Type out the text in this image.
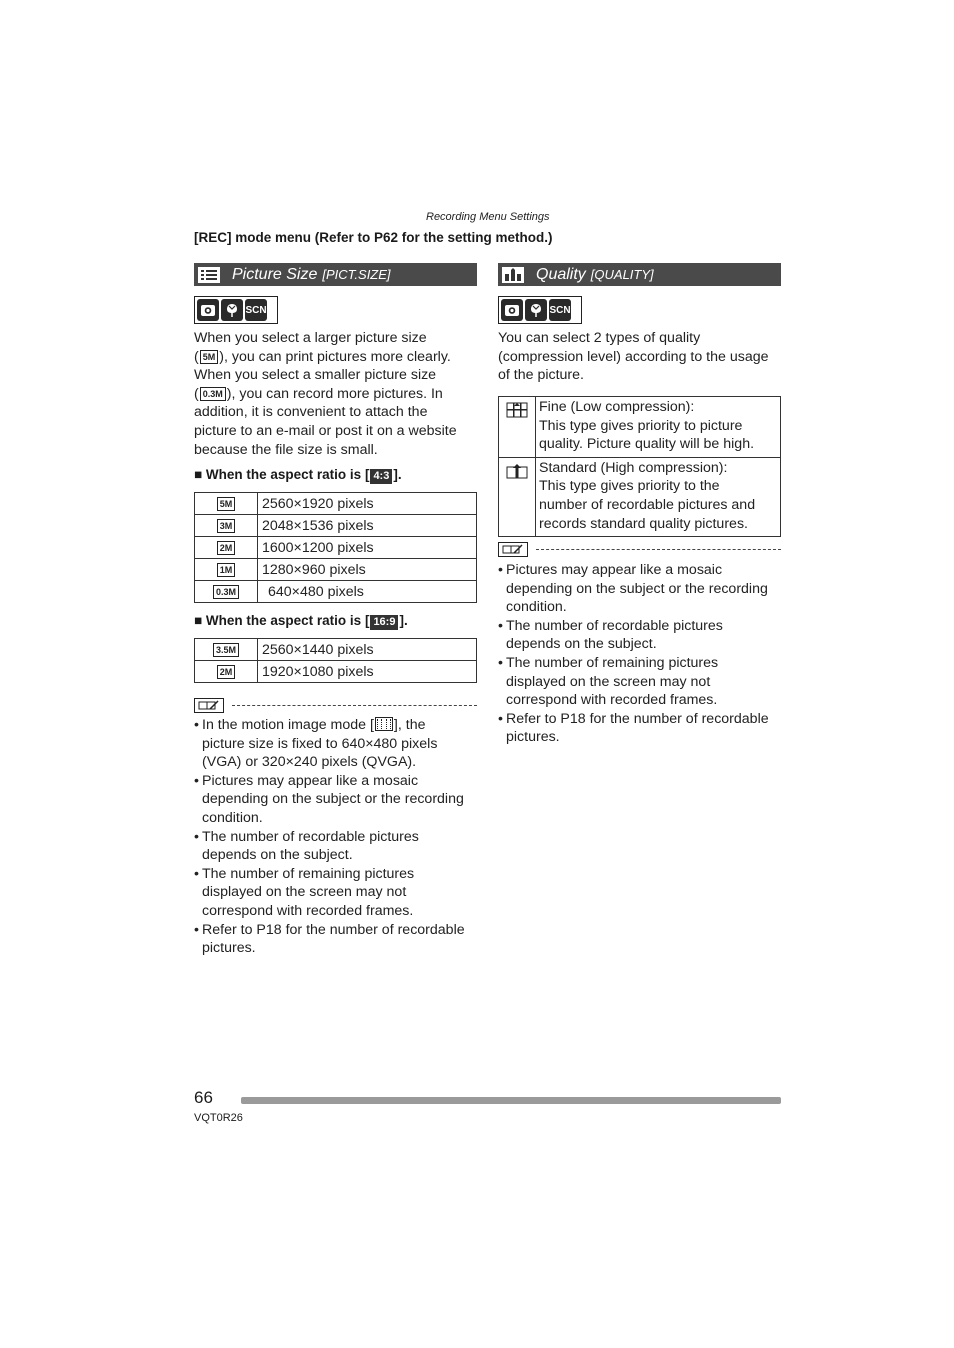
Recording Menu Settings
[REC] mode menu (Refer to P62 for the setting method.)
Picture Size [PICT.SIZE]
SCN
When you select a larger picture size
( 5M ), you can print pictures more clearly.
When you select a smaller picture size
( 0.3M ), you can record more pictures. In
addition, it is convenient to attach the
picture to an e-mail or post it on a website
because the file size is small.
■ When the aspect ratio is [ 4:3 ].
5M	2560×1920 pixels
3M	2048×1536 pixels
2M	1600×1200 pixels
1M	1280×960 pixels
0.3M	640×480 pixels
■ When the aspect ratio is [ 16:9 ].
3.5M	2560×1440 pixels
2M	1920×1080 pixels
• In the motion image mode [ ], the
picture size is fixed to 640×480 pixels
(VGA) or 320×240 pixels (QVGA).
• Pictures may appear like a mosaic
depending on the subject or the recording
condition.
• The number of recordable pictures
depends on the subject.
• The number of remaining pictures
displayed on the screen may not
correspond with recorded frames.
• Refer to P18 for the number of recordable
pictures.
Quality [QUALITY]
SCN
You can select 2 types of quality
(compression level) according to the usage
of the picture.

Fine (Low compression):
This type gives priority to picture
quality. Picture quality will be high.

Standard (High compression):
This type gives priority to the
number of recordable pictures and
records standard quality pictures.
• Pictures may appear like a mosaic
depending on the subject or the recording
condition.
• The number of recordable pictures
depends on the subject.
• The number of remaining pictures
displayed on the screen may not
correspond with recorded frames.
• Refer to P18 for the number of recordable
pictures.
66
VQT0R26
